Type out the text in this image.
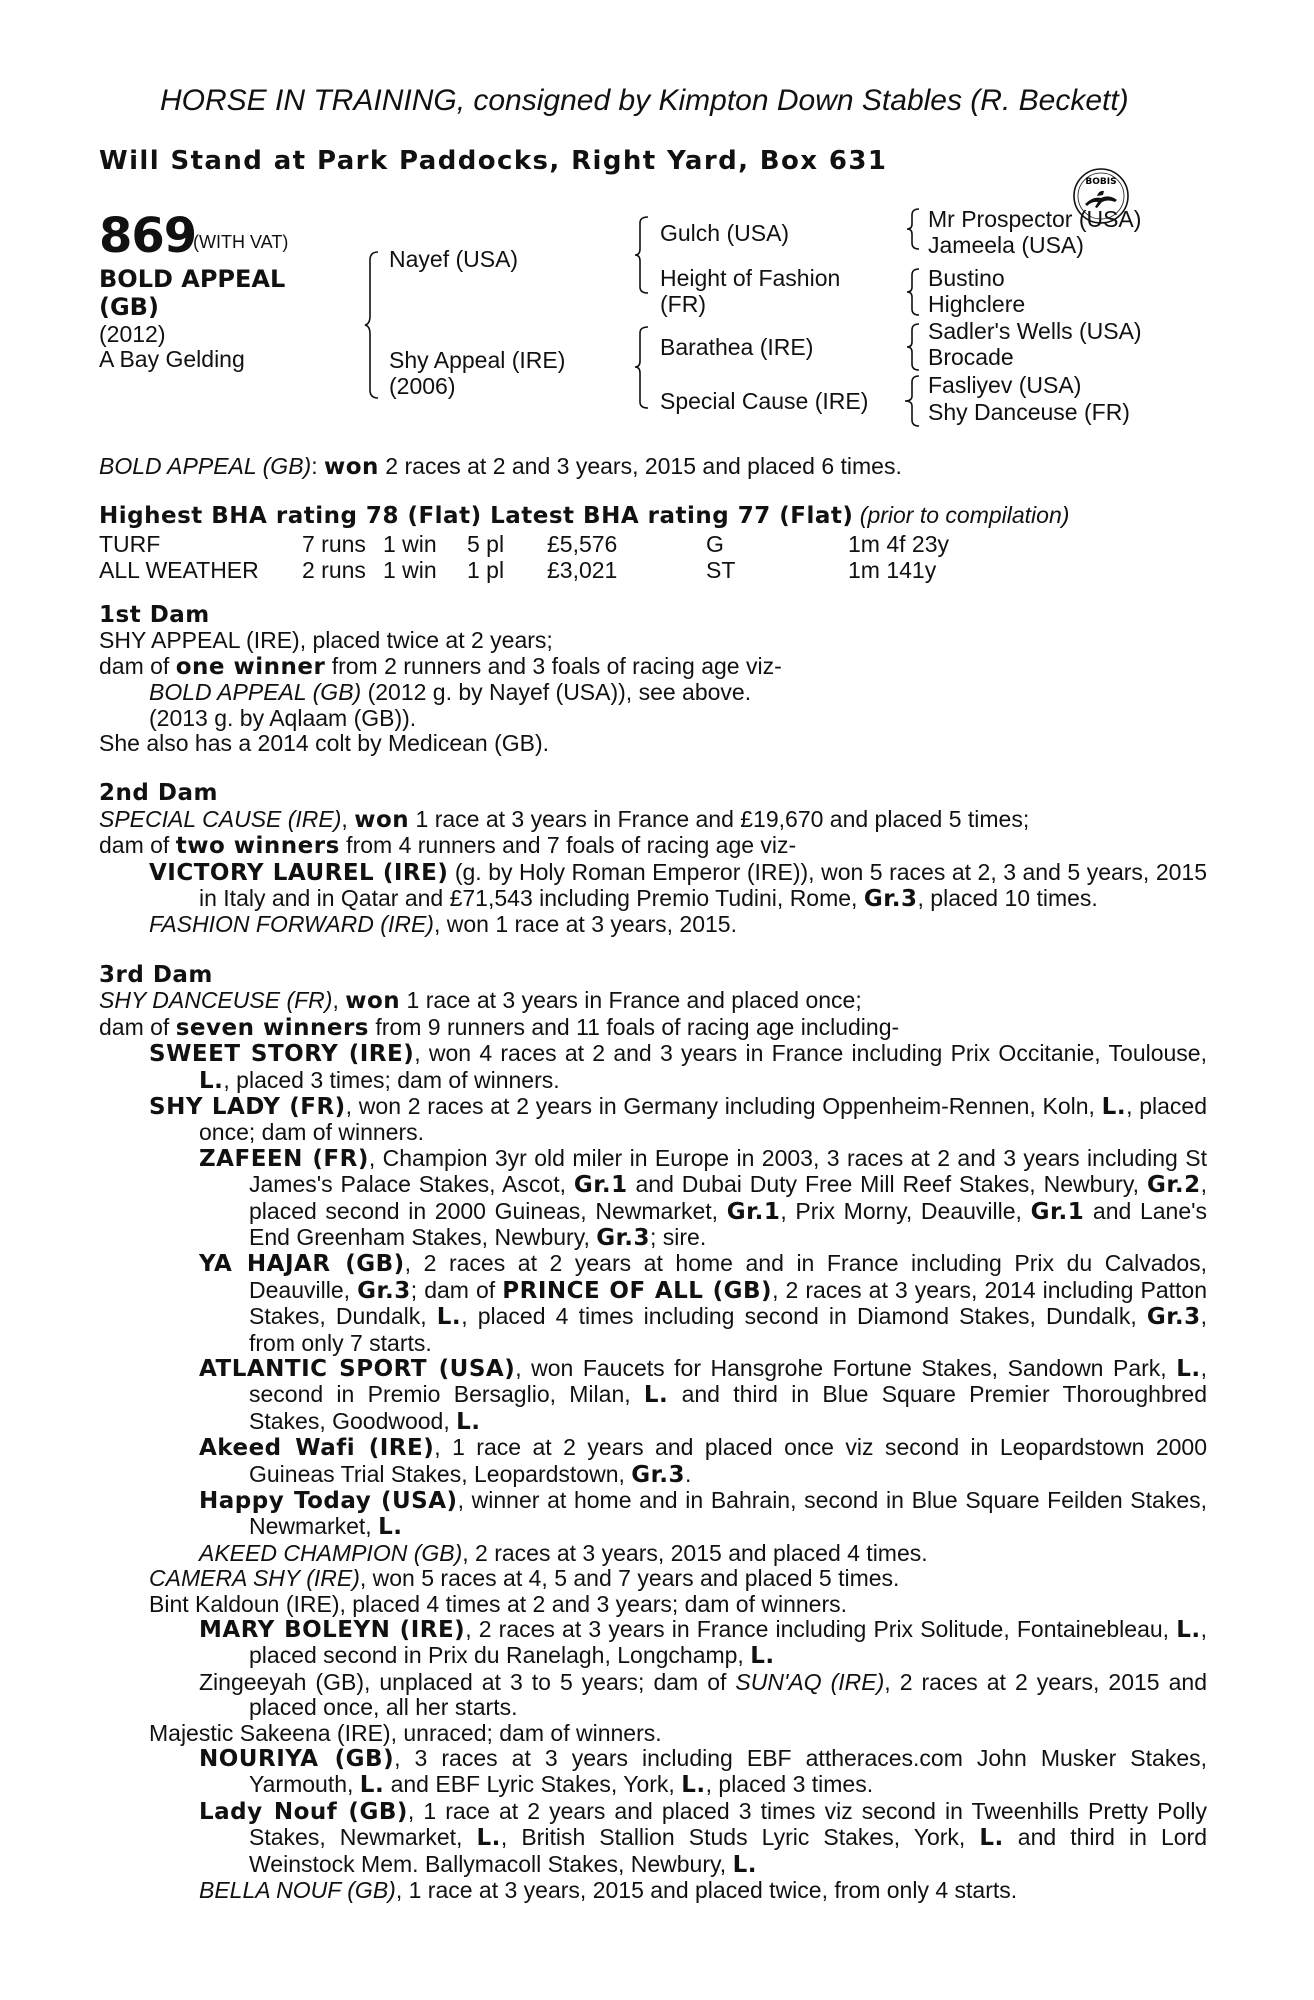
HORSE IN TRAINING, consigned by Kimpton Down Stables (R. Beckett)
Will Stand at Park Paddocks, Right Yard, Box 631
BOBIS
869
(WITH VAT)
BOLD APPEAL
(GB)
(2012)
A Bay Gelding
Nayef (USA)
Shy Appeal (IRE)
(2006)
Gulch (USA)
Height of Fashion
(FR)
Barathea (IRE)
Special Cause (IRE)
Mr Prospector (USA)
Jameela (USA)
Bustino
Highclere
Sadler's Wells (USA)
Brocade
Fasliyev (USA)
Shy Danceuse (FR)
BOLD APPEAL (GB): won 2 races at 2 and 3 years, 2015 and placed 6 times.
Highest BHA rating 78 (Flat) Latest BHA rating 77 (Flat) (prior to compilation)
TURF	7 runs 1 win 5 pl £5,576	G	1m 4f 23y
ALL WEATHER 2 runs 1 win 1 pl £3,021	ST	1m 141y

1st Dam

SHY APPEAL (IRE), placed twice at 2 years;

dam of one winner from 2 runners and 3 foals of racing age viz-

BOLD APPEAL (GB) (2012 g. by Nayef (USA)), see above.

(2013 g. by Aqlaam (GB)).

She also has a 2014 colt by Medicean (GB).

2nd Dam

SPECIAL CAUSE (IRE), won 1 race at 3 years in France and £19,670 and placed 5 times;

dam of two winners from 4 runners and 7 foals of racing age viz-

VICTORY LAUREL (IRE) (g. by Holy Roman Emperor (IRE)), won 5 races at 2, 3 and 5 years, 2015 in Italy and in Qatar and £71,543 including Premio Tudini, Rome, Gr.3, placed 10 times.

FASHION FORWARD (IRE), won 1 race at 3 years, 2015.

3rd Dam

SHY DANCEUSE (FR), won 1 race at 3 years in France and placed once;

dam of seven winners from 9 runners and 11 foals of racing age including-

SWEET STORY (IRE), won 4 races at 2 and 3 years in France including Prix Occitanie, Toulouse, L., placed 3 times; dam of winners.

SHY LADY (FR), won 2 races at 2 years in Germany including Oppenheim-Rennen, Koln, L., placed once; dam of winners.

ZAFEEN (FR), Champion 3yr old miler in Europe in 2003, 3 races at 2 and 3 years including St James's Palace Stakes, Ascot, Gr.1 and Dubai Duty Free Mill Reef Stakes, Newbury, Gr.2, placed second in 2000 Guineas, Newmarket, Gr.1, Prix Morny, Deauville, Gr.1 and Lane's End Greenham Stakes, Newbury, Gr.3; sire.

YA HAJAR (GB), 2 races at 2 years at home and in France including Prix du Calvados, Deauville, Gr.3; dam of PRINCE OF ALL (GB), 2 races at 3 years, 2014 including Patton Stakes, Dundalk, L., placed 4 times including second in Diamond Stakes, Dundalk, Gr.3, from only 7 starts.

ATLANTIC SPORT (USA), won Faucets for Hansgrohe Fortune Stakes, Sandown Park, L., second in Premio Bersaglio, Milan, L. and third in Blue Square Premier Thoroughbred Stakes, Goodwood, L.

Akeed Wafi (IRE), 1 race at 2 years and placed once viz second in Leopardstown 2000 Guineas Trial Stakes, Leopardstown, Gr.3.

Happy Today (USA), winner at home and in Bahrain, second in Blue Square Feilden Stakes, Newmarket, L.

AKEED CHAMPION (GB), 2 races at 3 years, 2015 and placed 4 times.

CAMERA SHY (IRE), won 5 races at 4, 5 and 7 years and placed 5 times.

Bint Kaldoun (IRE), placed 4 times at 2 and 3 years; dam of winners.

MARY BOLEYN (IRE), 2 races at 3 years in France including Prix Solitude, Fontainebleau, L., placed second in Prix du Ranelagh, Longchamp, L.

Zingeeyah (GB), unplaced at 3 to 5 years; dam of SUN'AQ (IRE), 2 races at 2 years, 2015 and placed once, all her starts.

Majestic Sakeena (IRE), unraced; dam of winners.

NOURIYA (GB), 3 races at 3 years including EBF attheraces.com John Musker Stakes, Yarmouth, L. and EBF Lyric Stakes, York, L., placed 3 times.

Lady Nouf (GB), 1 race at 2 years and placed 3 times viz second in Tweenhills Pretty Polly Stakes, Newmarket, L., British Stallion Studs Lyric Stakes, York, L. and third in Lord Weinstock Mem. Ballymacoll Stakes, Newbury, L.

BELLA NOUF (GB), 1 race at 3 years, 2015 and placed twice, from only 4 starts.
